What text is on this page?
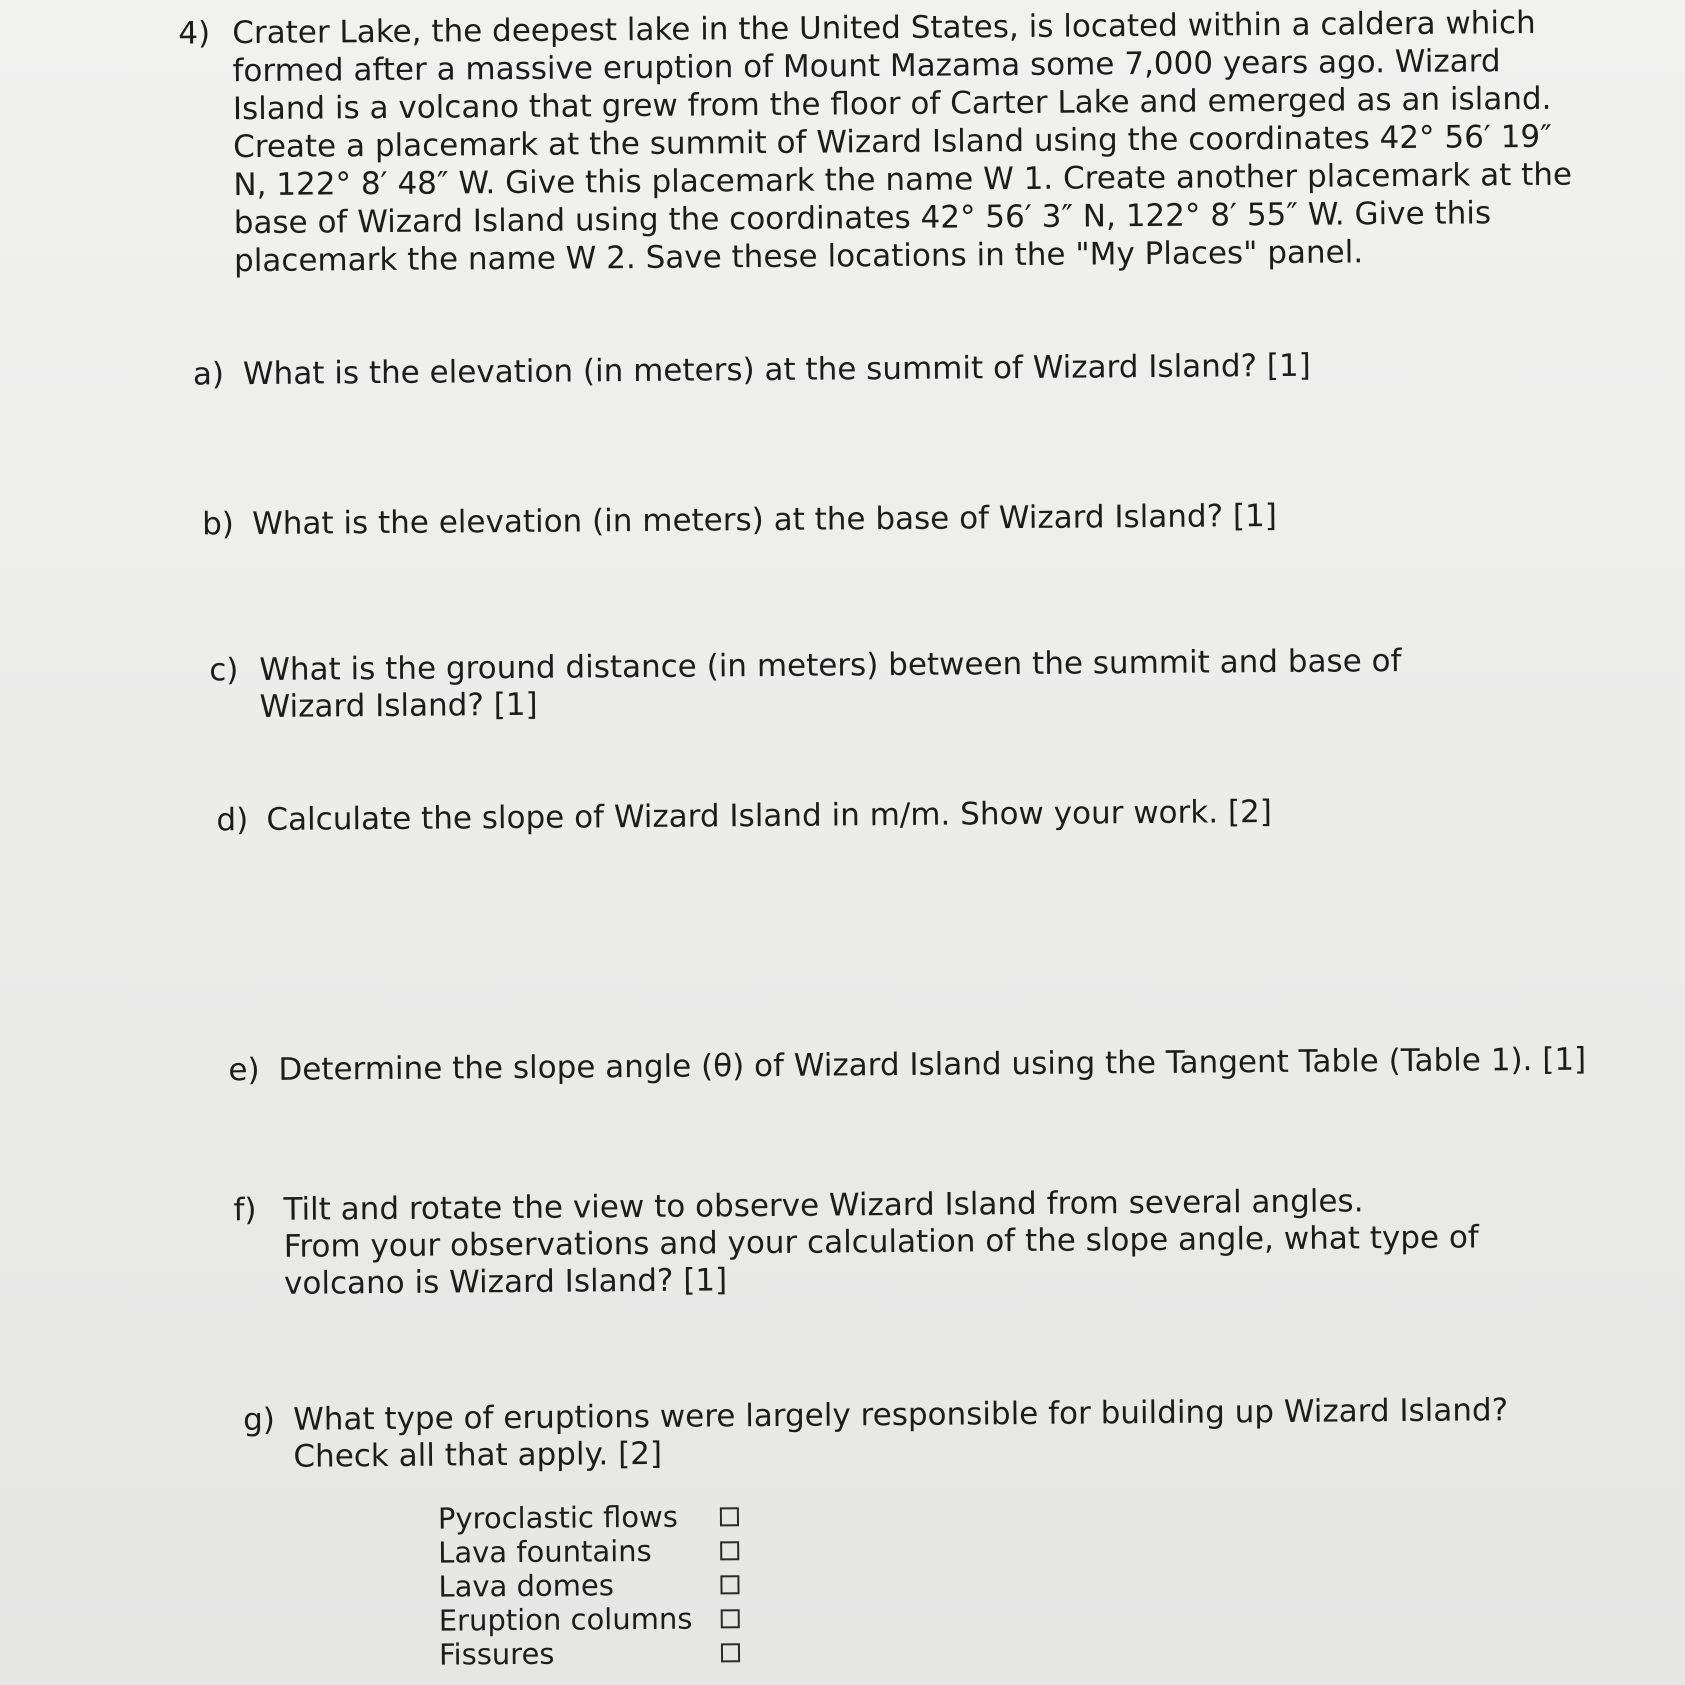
4) Crater Lake, the deepest lake in the United States, is located within a caldera which formed after a massive eruption of Mount Mazama some 7,000 years ago. Wizard Island is a volcano that grew from the floor of Carter Lake and emerged as an island. Create a placemark at the summit of Wizard Island using the coordinates 42° 56′ 19″ N, 122° 8′ 48″ W. Give this placemark the name W 1. Create another placemark at the base of Wizard Island using the coordinates 42° 56′ 3″ N, 122° 8′ 55″ W. Give this placemark the name W 2. Save these locations in the "My Places" panel.
a) What is the elevation (in meters) at the summit of Wizard Island? [1]
b) What is the elevation (in meters) at the base of Wizard Island? [1]
c) What is the ground distance (in meters) between the summit and base of Wizard Island? [1]
d) Calculate the slope of Wizard Island in m/m. Show your work. [2]
e) Determine the slope angle (θ) of Wizard Island using the Tangent Table (Table 1). [1]
f) Tilt and rotate the view to observe Wizard Island from several angles.
From your observations and your calculation of the slope angle, what type of volcano is Wizard Island? [1]
g) What type of eruptions were largely responsible for building up Wizard Island? Check all that apply. [2]
Pyroclastic flows
Lava fountains
Lava domes
Eruption columns
Fissures
